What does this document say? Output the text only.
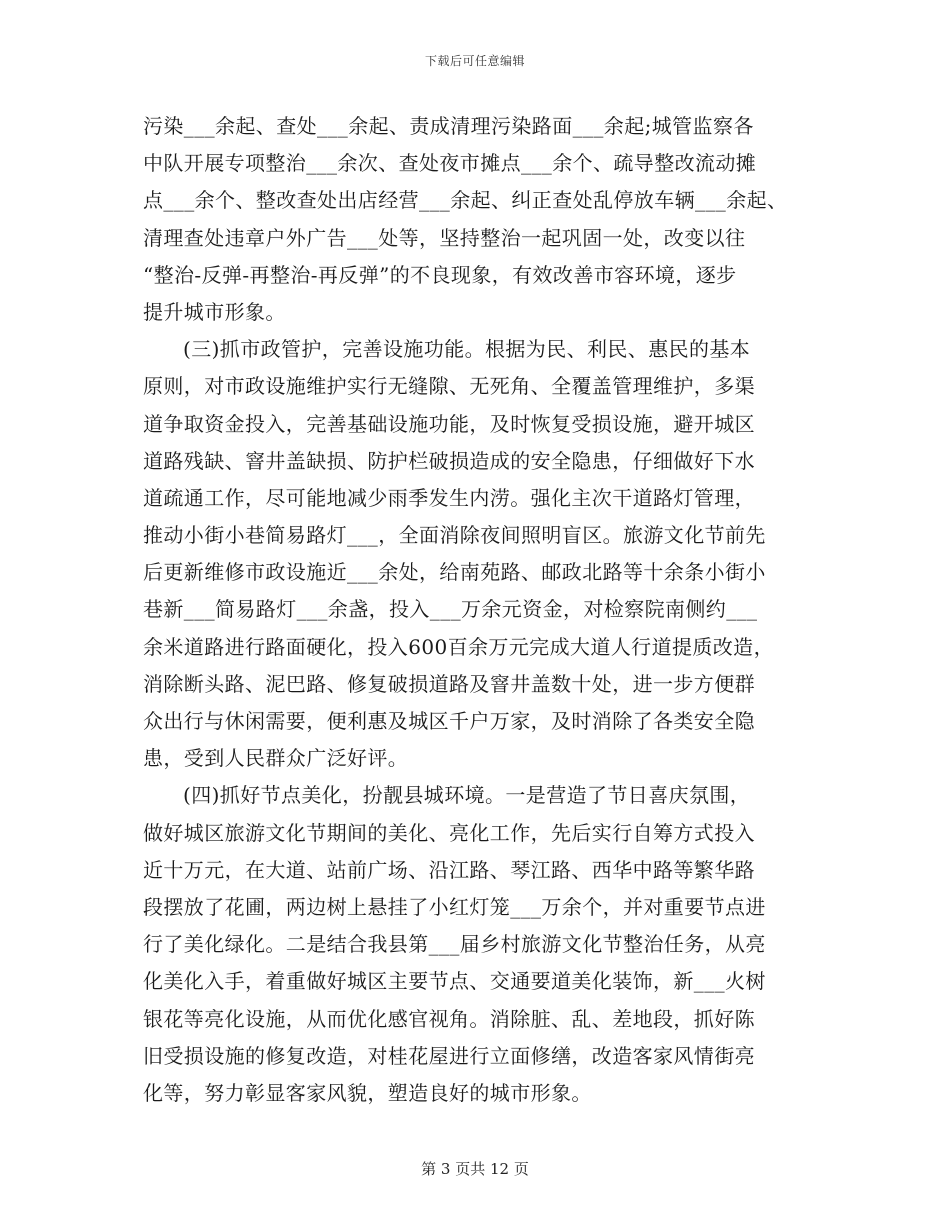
下载后可任意编辑
污染___余起、查处___余起、责成清理污染路面___余起;城管监察各
中队开展专项整治___余次、查处夜市摊点___余个、疏导整改流动摊
点___余个、整改查处出店经营___余起、纠正查处乱停放车辆___余起、
清理查处违章户外广告___处等，坚持整治一起巩固一处，改变以往
“整治-反弹-再整治-再反弹”的不良现象，有效改善市容环境，逐步
提升城市形象。
(三)抓市政管护，完善设施功能。根据为民、利民、惠民的基本
原则，对市政设施维护实行无缝隙、无死角、全覆盖管理维护，多渠
道争取资金投入，完善基础设施功能，及时恢复受损设施，避开城区
道路残缺、窨井盖缺损、防护栏破损造成的安全隐患，仔细做好下水
道疏通工作，尽可能地减少雨季发生内涝。强化主次干道路灯管理，
推动小街小巷简易路灯___，全面消除夜间照明盲区。旅游文化节前先
后更新维修市政设施近___余处，给南苑路、邮政北路等十余条小街小
巷新___简易路灯___余盏，投入___万余元资金，对检察院南侧约___
余米道路进行路面硬化，投入600百余万元完成大道人行道提质改造，
消除断头路、泥巴路、修复破损道路及窨井盖数十处，进一步方便群
众出行与休闲需要，便利惠及城区千户万家，及时消除了各类安全隐
患，受到人民群众广泛好评。
(四)抓好节点美化，扮靓县城环境。一是营造了节日喜庆氛围，
做好城区旅游文化节期间的美化、亮化工作，先后实行自筹方式投入
近十万元，在大道、站前广场、沿江路、琴江路、西华中路等繁华路
段摆放了花圃，两边树上悬挂了小红灯笼___万余个，并对重要节点进
行了美化绿化。二是结合我县第___届乡村旅游文化节整治任务，从亮
化美化入手，着重做好城区主要节点、交通要道美化装饰，新___火树
银花等亮化设施，从而优化感官视角。消除脏、乱、差地段，抓好陈
旧受损设施的修复改造，对桂花屋进行立面修缮，改造客家风情街亮
化等，努力彰显客家风貌，塑造良好的城市形象。
第 3 页共 12 页
